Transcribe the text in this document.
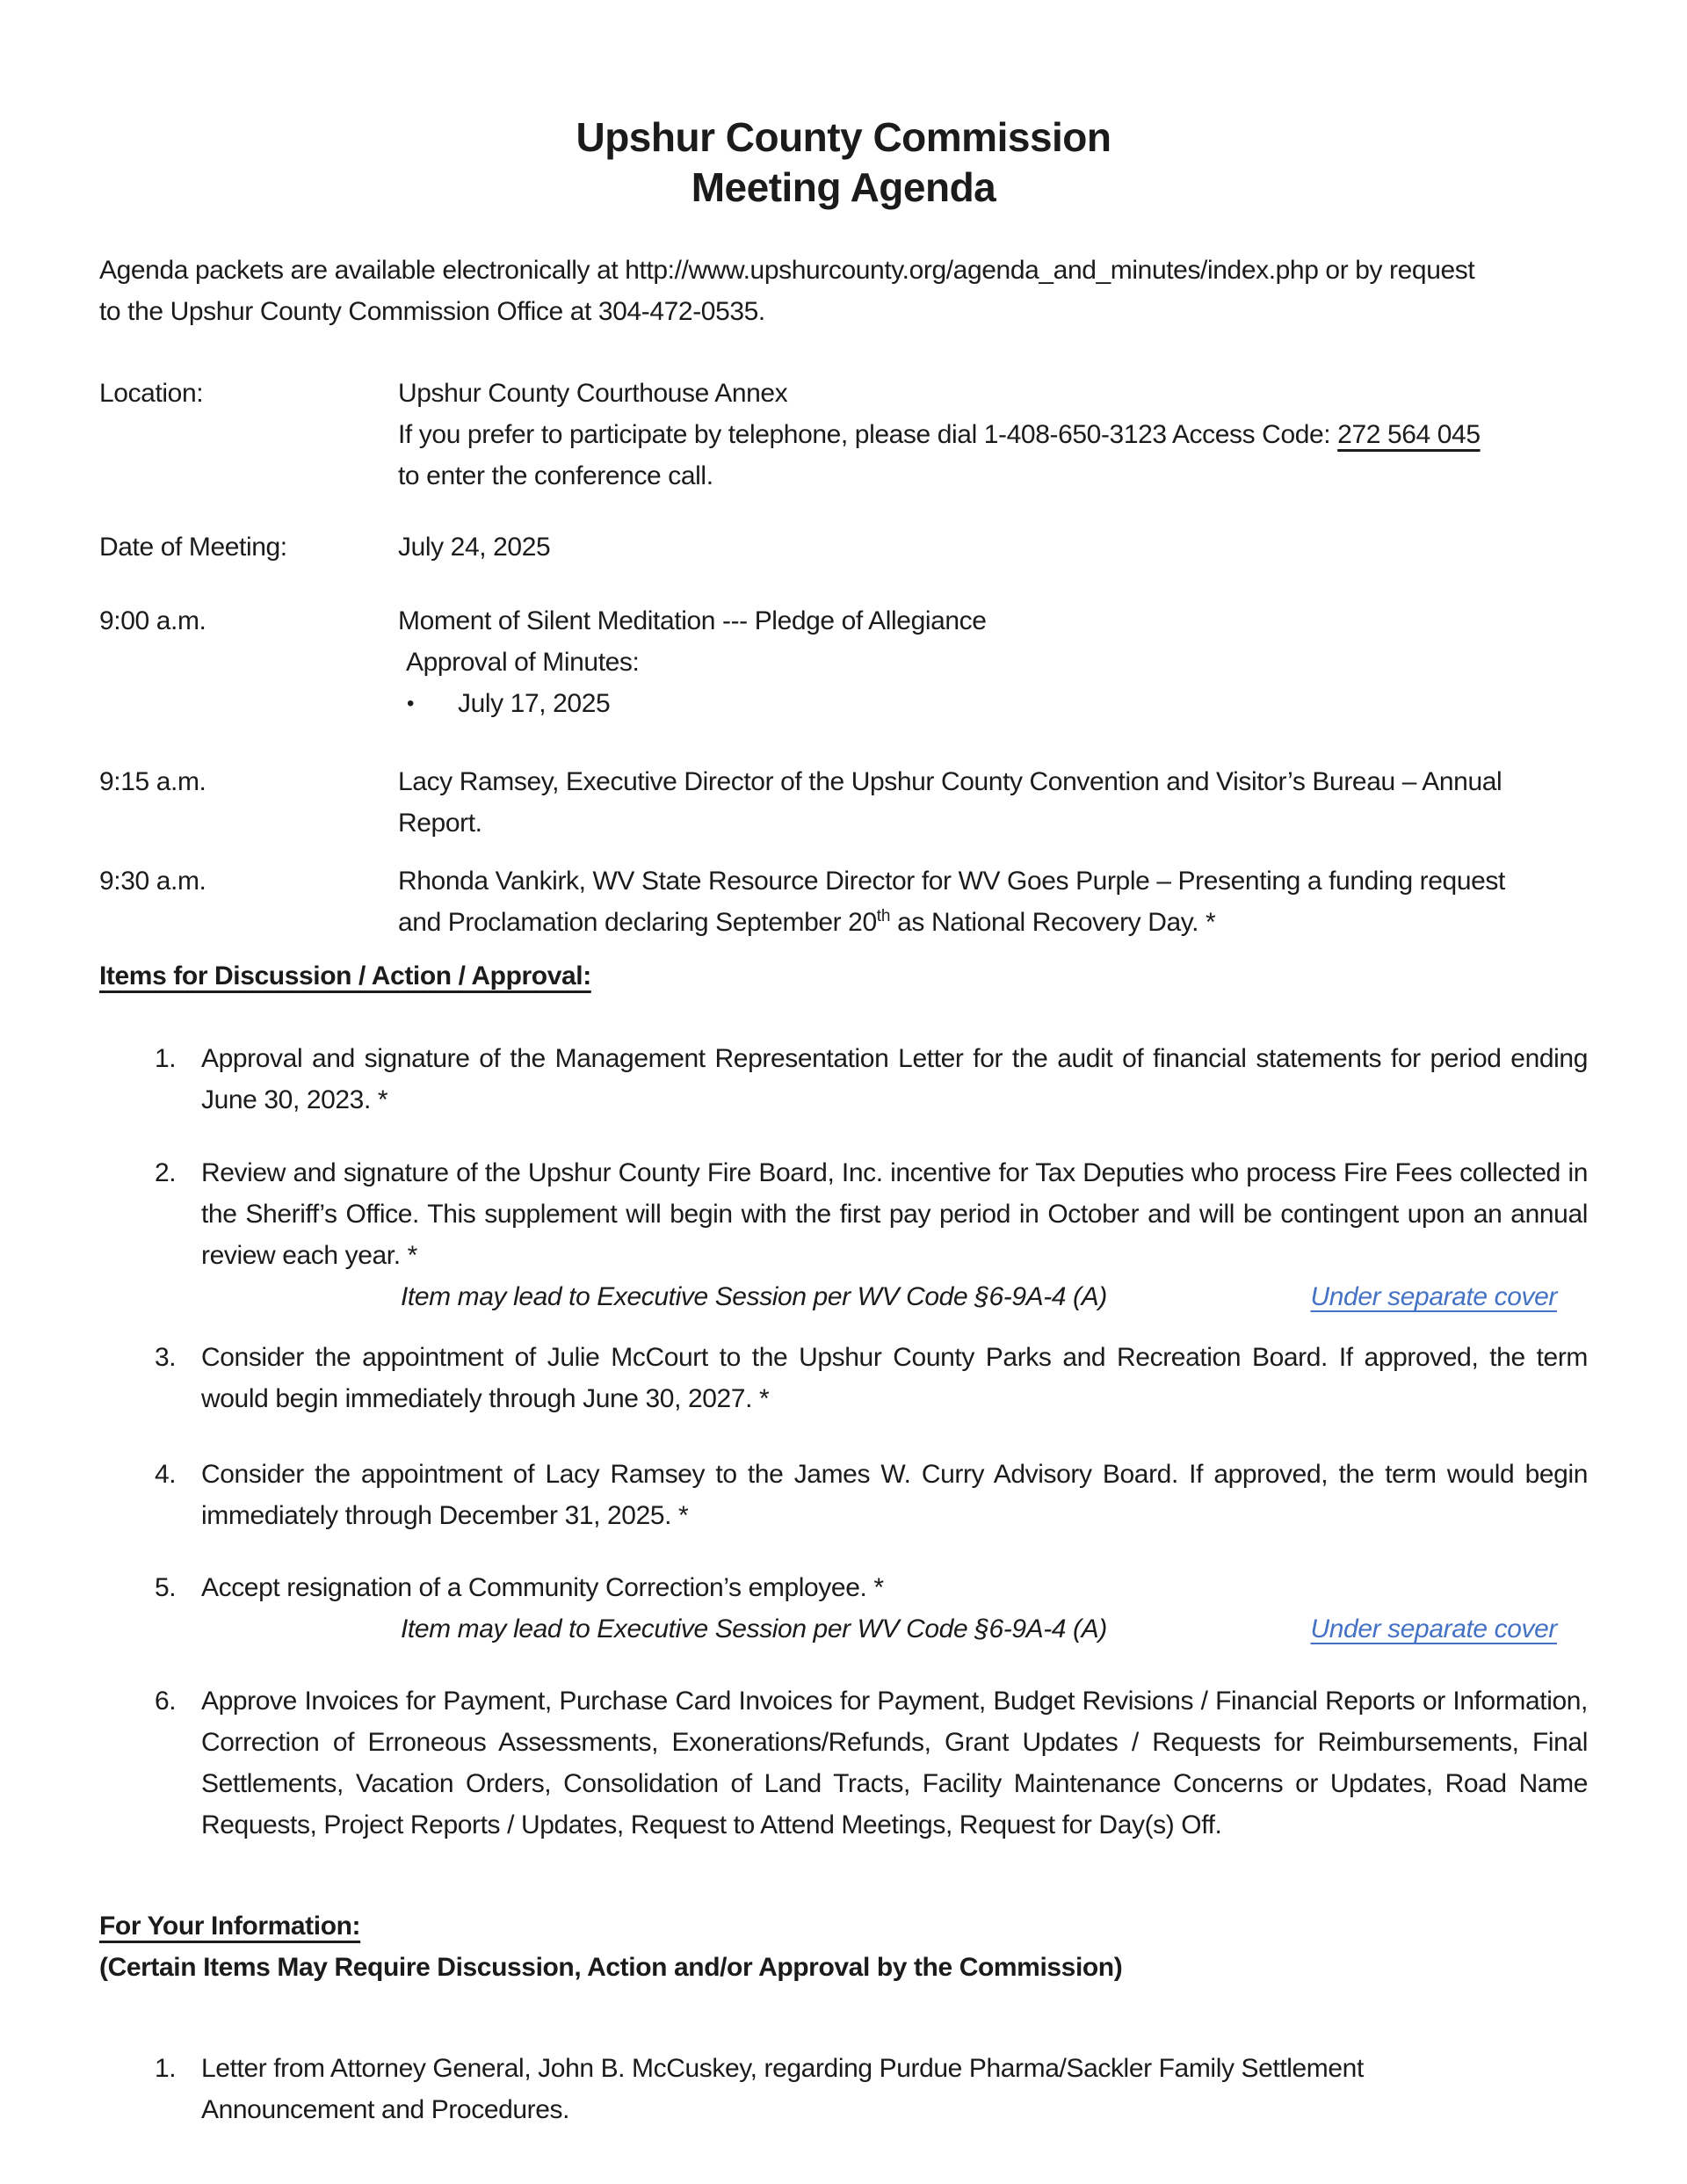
Upshur County Commission
Meeting Agenda
Agenda packets are available electronically at http://www.upshurcounty.org/agenda_and_minutes/index.php or by request
to the Upshur County Commission Office at 304-472-0535.
Location:	Upshur County Courthouse Annex
If you prefer to participate by telephone, please dial 1-408-650-3123 Access Code: 272 564 045
to enter the conference call.
Date of Meeting:	July 24, 2025
9:00 a.m.	Moment of Silent Meditation --- Pledge of Allegiance
Approval of Minutes:
•	July 17, 2025
9:15 a.m.	Lacy Ramsey, Executive Director of the Upshur County Convention and Visitor’s Bureau – Annual
Report.
9:30 a.m.	Rhonda Vankirk, WV State Resource Director for WV Goes Purple – Presenting a funding request
and Proclamation declaring September 20th as National Recovery Day. *
Items for Discussion / Action / Approval:
1. Approval and signature of the Management Representation Letter for the audit of financial statements for period ending June 30, 2023. *
2. Review and signature of the Upshur County Fire Board, Inc. incentive for Tax Deputies who process Fire Fees collected in the Sheriff’s Office. This supplement will begin with the first pay period in October and will be contingent upon an annual review each year. *
Item may lead to Executive Session per WV Code §6-9A-4 (A)	Under separate cover
3. Consider the appointment of Julie McCourt to the Upshur County Parks and Recreation Board. If approved, the term would begin immediately through June 30, 2027. *
4. Consider the appointment of Lacy Ramsey to the James W. Curry Advisory Board. If approved, the term would begin immediately through December 31, 2025. *
5. Accept resignation of a Community Correction’s employee. *
Item may lead to Executive Session per WV Code §6-9A-4 (A)	Under separate cover
6. Approve Invoices for Payment, Purchase Card Invoices for Payment, Budget Revisions / Financial Reports or Information, Correction of Erroneous Assessments, Exonerations/Refunds, Grant Updates / Requests for Reimbursements, Final Settlements, Vacation Orders, Consolidation of Land Tracts, Facility Maintenance Concerns or Updates, Road Name Requests, Project Reports / Updates, Request to Attend Meetings, Request for Day(s) Off.
For Your Information:
(Certain Items May Require Discussion, Action and/or Approval by the Commission)
1. Letter from Attorney General, John B. McCuskey, regarding Purdue Pharma/Sackler Family Settlement
Announcement and Procedures.
